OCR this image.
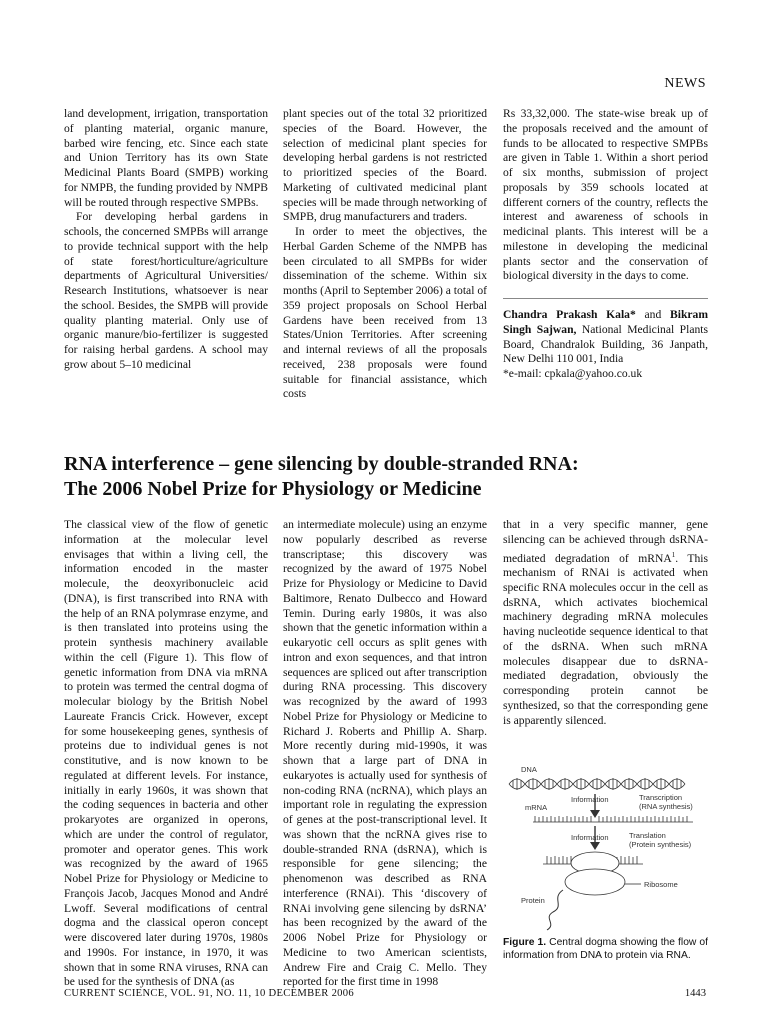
NEWS

land development, irrigation, transportation of planting material, organic manure, barbed wire fencing, etc. Since each state and Union Territory has its own State Medicinal Plants Board (SMPB) working for NMPB, the funding provided by NMPB will be routed through respective SMPBs.

For developing herbal gardens in schools, the concerned SMPBs will arrange to provide technical support with the help of state forest/horticulture/agriculture departments of Agricultural Universities/ Research Institutions, whatsoever is near the school. Besides, the SMPB will provide quality planting material. Only use of organic manure/bio-fertilizer is suggested for raising herbal gardens. A school may grow about 5–10 medicinal

plant species out of the total 32 prioritized species of the Board. However, the selection of medicinal plant species for developing herbal gardens is not restricted to prioritized species of the Board. Marketing of cultivated medicinal plant species will be made through networking of SMPB, drug manufacturers and traders.

In order to meet the objectives, the Herbal Garden Scheme of the NMPB has been circulated to all SMPBs for wider dissemination of the scheme. Within six months (April to September 2006) a total of 359 project proposals on School Herbal Gardens have been received from 13 States/Union Territories. After screening and internal reviews of all the proposals received, 238 proposals were found suitable for financial assistance, which costs

Rs 33,32,000. The state-wise break up of the proposals received and the amount of funds to be allocated to respective SMPBs are given in Table 1. Within a short period of six months, submission of project proposals by 359 schools located at different corners of the country, reflects the interest and awareness of schools in medicinal plants. This interest will be a milestone in developing the medicinal plants sector and the conservation of biological diversity in the days to come.

Chandra Prakash Kala* and Bikram Singh Sajwan, National Medicinal Plants Board, Chandralok Building, 36 Janpath, New Delhi 110 001, India
*e-mail: cpkala@yahoo.co.uk
RNA interference – gene silencing by double-stranded RNA:
The 2006 Nobel Prize for Physiology or Medicine

The classical view of the flow of genetic information at the molecular level envisages that within a living cell, the information encoded in the master molecule, the deoxyribonucleic acid (DNA), is first transcribed into RNA with the help of an RNA polymrase enzyme, and is then translated into proteins using the protein synthesis machinery available within the cell (Figure 1). This flow of genetic information from DNA via mRNA to protein was termed the central dogma of molecular biology by the British Nobel Laureate Francis Crick. However, except for some housekeeping genes, synthesis of proteins due to individual genes is not constitutive, and is now known to be regulated at different levels. For instance, initially in early 1960s, it was shown that the coding sequences in bacteria and other prokaryotes are organized in operons, which are under the control of regulator, promoter and operator genes. This work was recognized by the award of 1965 Nobel Prize for Physiology or Medicine to François Jacob, Jacques Monod and André Lwoff. Several modifications of central dogma and the classical operon concept were discovered later during 1970s, 1980s and 1990s. For instance, in 1970, it was shown that in some RNA viruses, RNA can be used for the synthesis of DNA (as

an intermediate molecule) using an enzyme now popularly described as reverse transcriptase; this discovery was recognized by the award of 1975 Nobel Prize for Physiology or Medicine to David Baltimore, Renato Dulbecco and Howard Temin. During early 1980s, it was also shown that the genetic information within a eukaryotic cell occurs as split genes with intron and exon sequences, and that intron sequences are spliced out after transcription during RNA processing. This discovery was recognized by the award of 1993 Nobel Prize for Physiology or Medicine to Richard J. Roberts and Phillip A. Sharp. More recently during mid-1990s, it was shown that a large part of DNA in eukaryotes is actually used for synthesis of non-coding RNA (ncRNA), which plays an important role in regulating the expression of genes at the post-transcriptional level. It was shown that the ncRNA gives rise to double-stranded RNA (dsRNA), which is responsible for gene silencing; the phenomenon was described as RNA interference (RNAi). This ‘discovery of RNAi involving gene silencing by dsRNA’ has been recognized by the award of the 2006 Nobel Prize for Physiology or Medicine to two American scientists, Andrew Fire and Craig C. Mello. They reported for the first time in 1998

that in a very specific manner, gene silencing can be achieved through dsRNA-mediated degradation of mRNA$^1$. This mechanism of RNAi is activated when specific RNA molecules occur in the cell as dsRNA, which activates biochemical machinery degrading mRNA molecules having nucleotide sequence identical to that of the dsRNA. When such mRNA molecules disappear due to dsRNA-mediated degradation, obviously the corresponding protein cannot be synthesized, so that the corresponding gene is apparently silenced.

DNA
Information	Transcription
(RNA synthesis)
mRNA
Information	Translation
(Protein synthesis)
Ribosome
Protein
Figure 1. Central dogma showing the flow of information from DNA to protein via RNA.
CURRENT SCIENCE, VOL. 91, NO. 11, 10 DECEMBER 2006	1443
